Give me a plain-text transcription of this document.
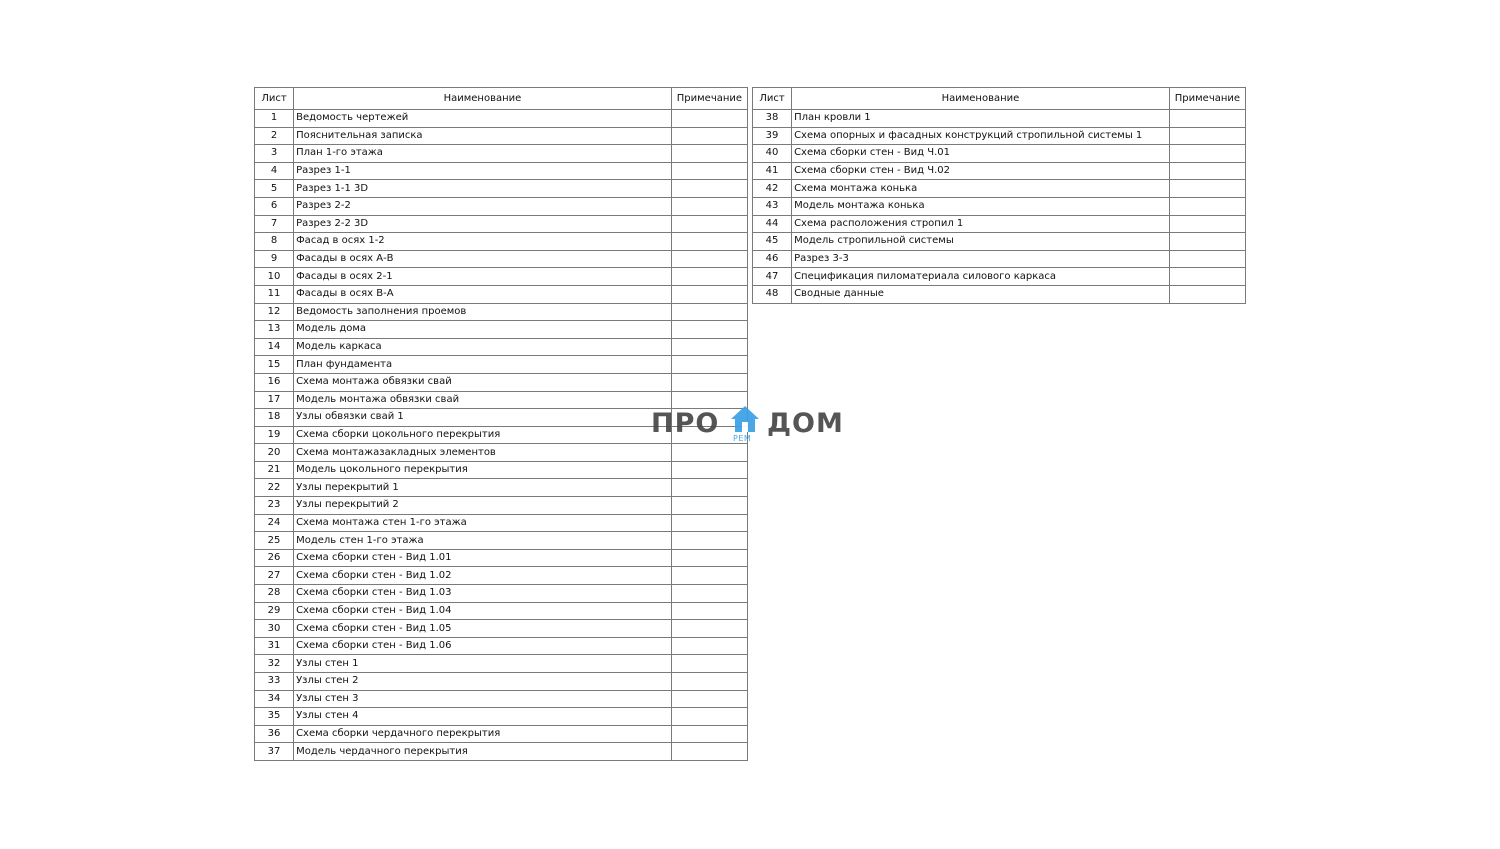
Лист	Наименование	Примечание
1	Ведомость чертежей	
2	Пояснительная записка	
3	План 1-го этажа	
4	Разрез 1-1	
5	Разрез 1-1 3D	
6	Разрез 2-2	
7	Разрез 2-2 3D	
8	Фасад в осях 1-2	
9	Фасады в осях А-В	
10	Фасады в осях 2-1	
11	Фасады в осях В-А	
12	Ведомость заполнения проемов	
13	Модель дома	
14	Модель каркаса	
15	План фундамента	
16	Схема монтажа обвязки свай	
17	Модель монтажа обвязки свай	
18	Узлы обвязки свай 1	
19	Схема сборки цокольного перекрытия	
20	Схема монтажазакладных элементов	
21	Модель цокольного перекрытия	
22	Узлы перекрытий 1	
23	Узлы перекрытий 2	
24	Схема монтажа стен 1-го этажа	
25	Модель стен 1-го этажа	
26	Схема сборки стен - Вид 1.01	
27	Схема сборки стен - Вид 1.02	
28	Схема сборки стен - Вид 1.03	
29	Схема сборки стен - Вид 1.04	
30	Схема сборки стен - Вид 1.05	
31	Схема сборки стен - Вид 1.06	
32	Узлы стен 1	
33	Узлы стен 2	
34	Узлы стен 3	
35	Узлы стен 4	
36	Схема сборки чердачного перекрытия	
37	Модель чердачного перекрытия	
Лист	Наименование	Примечание
38	План кровли 1	
39	Схема опорных и фасадных конструкций стропильной системы 1	
40	Схема сборки стен - Вид Ч.01	
41	Схема сборки стен - Вид Ч.02	
42	Схема монтажа конька	
43	Модель монтажа конька	
44	Схема расположения стропил 1	
45	Модель стропильной системы	
46	Разрез 3-3	
47	Спецификация пиломатериала силового каркаса	
48	Сводные данные	
ПРО РЕМ ДОМ
